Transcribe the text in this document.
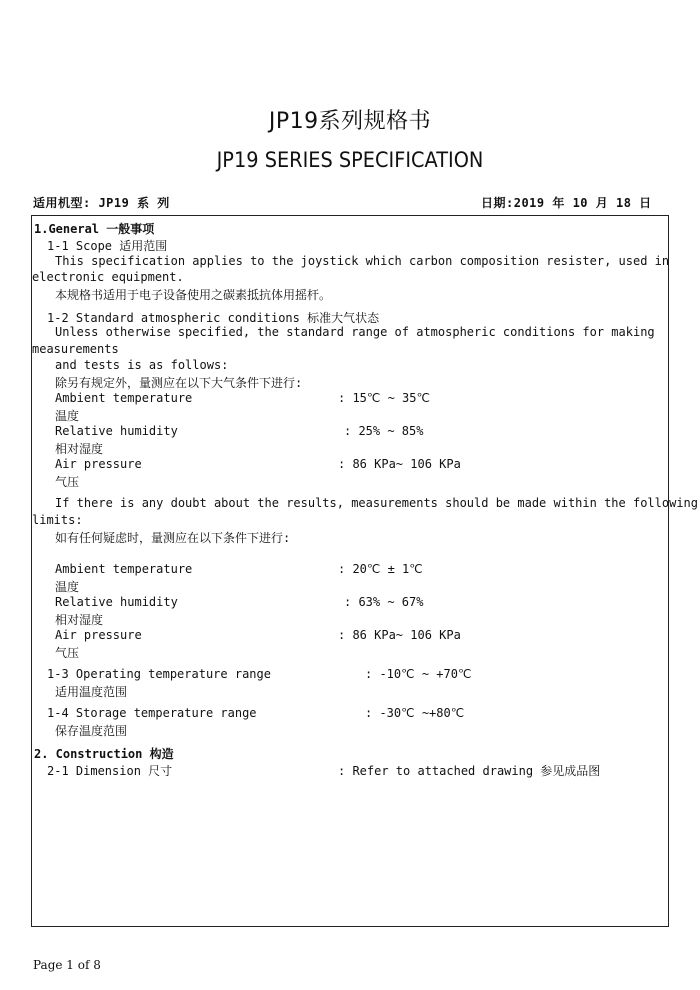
JP19系列规格书
JP19 SERIES SPECIFICATION
适用机型: JP19 系 列	日期:2019 年 10 月 18 日
1.General 一般事项
1-1 Scope 适用范围
This specification applies to the joystick which carbon composition resister, used in
electronic equipment.
本规格书适用于电子设备使用之碳素抵抗体用摇杆。
1-2 Standard atmospheric conditions 标准大气状态
Unless otherwise specified, the standard range of atmospheric conditions for making
measurements
and tests is as follows:
除另有规定外，量测应在以下大气条件下进行:
Ambient temperature	: 15℃ ~ 35℃
温度
Relative humidity	: 25% ~ 85%
相对湿度
Air pressure	: 86 KPa~ 106 KPa
气压
If there is any doubt about the results, measurements should be made within the following
limits:
如有任何疑虑时，量测应在以下条件下进行:
Ambient temperature	: 20℃ ± 1℃
温度
Relative humidity	: 63% ~ 67%
相对湿度
Air pressure	: 86 KPa~ 106 KPa
气压
1-3 Operating temperature range	: -10℃ ~ +70℃
适用温度范围
1-4 Storage temperature range	: -30℃ ~+80℃
保存温度范围
2. Construction 构造
2-1 Dimension 尺寸	: Refer to attached drawing 参见成品图
Page 1 of 8
